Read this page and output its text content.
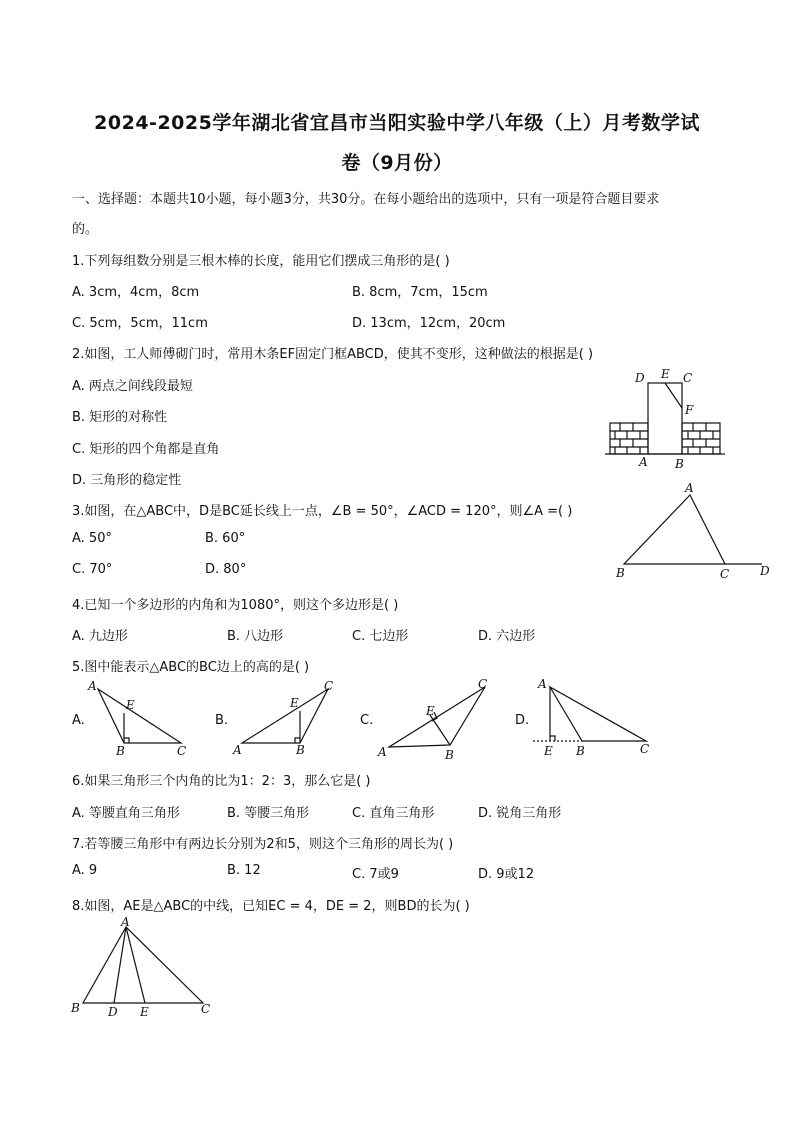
2024-2025学年湖北省宜昌市当阳实验中学八年级（上）月考数学试
卷（9月份）
一、选择题：本题共10小题，每小题3分，共30分。在每小题给出的选项中，只有一项是符合题目要求
的。
1.下列每组数分别是三根木棒的长度，能用它们摆成三角形的是( )
A. 3cm，4cm，8cm	B. 8cm，7cm，15cm
C. 5cm，5cm，11cm	D. 13cm，12cm，20cm
2.如图，工人师傅砌门时，常用木条EF固定门框ABCD，使其不变形，这种做法的根据是( )
A. 两点之间线段最短
B. 矩形的对称性
C. 矩形的四个角都是直角
D. 三角形的稳定性
D E C
F
A B
3.如图，在△ABC中，D是BC延长线上一点，∠B = 50°，∠ACD = 120°，则∠A =( )
A. 50°	B. 60°
C. 70°	D. 80°
A
B	C	D
4.已知一个多边形的内角和为1080°，则这个多边形是( )
A. 九边形	B. 八边形	C. 七边形	D. 六边形
5.图中能表示△ABC的BC边上的高的是( )
A.
A
E
B	C
B.
C
E
A	B
C.
C
E
A	B
D.
A
E B	C
6.如果三角形三个内角的比为1：2：3，那么它是( )
A. 等腰直角三角形	B. 等腰三角形	C. 直角三角形	D. 锐角三角形
7.若等腰三角形中有两边长分别为2和5，则这个三角形的周长为( )
A. 9	B. 12	C. 7或9	D. 9或12
8.如图，AE是△ABC的中线，已知EC = 4，DE = 2，则BD的长为( )
A
B D E	C
